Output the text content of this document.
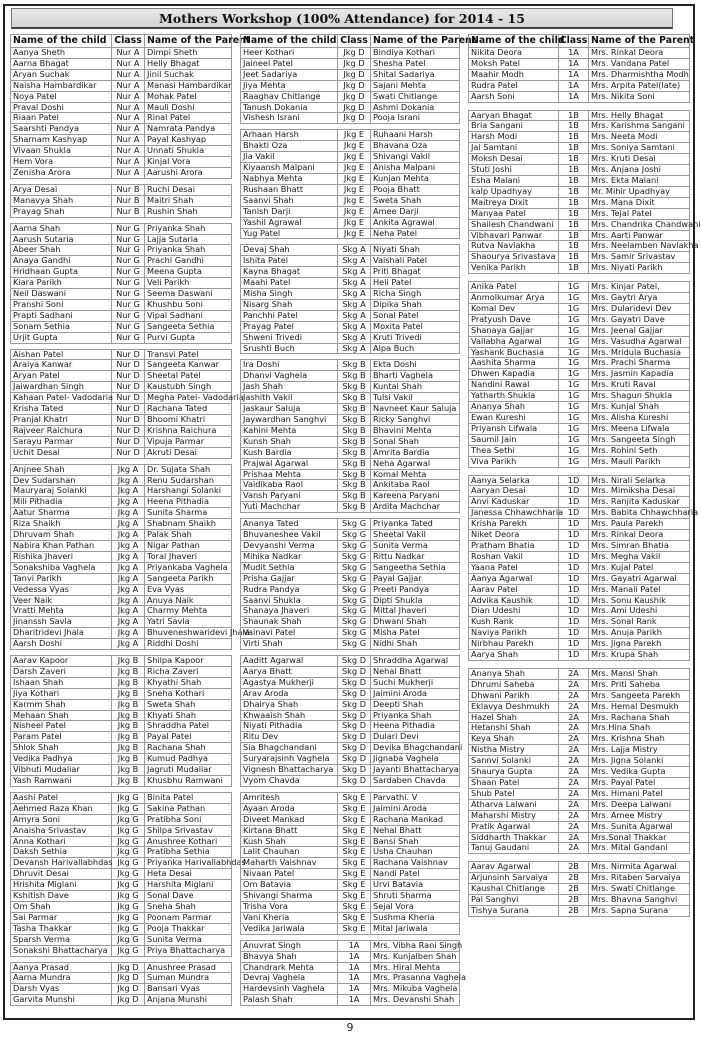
Mothers Workshop (100% Attendance) for 2014 - 15
Name of the child	Class	Name of the Parent

Aanya Sheth	Nur A	Dimpi Sheth

Aarna Bhagat	Nur A	Helly Bhagat

Aryan Suchak	Nur A	Jinil Suchak

Naisha Hambardikar	Nur A	Manasi Hambardikar

Noya Patel	Nur A	Mohak Patel

Praval Doshi	Nur A	Mauli Doshi

Riaan Patel	Nur A	Rinal Patel

Saarshti Pandya	Nur A	Namrata Pandya

Sharnam Kashyap	Nur A	Payal Kashyap

Vivaan Shukla	Nur A	Unnati Shukla

Hem Vora	Nur A	Kinjal Vora

Zenisha Arora	Nur A	Aarushi Arora
Arya Desai	Nur B	Ruchi Desai

Manavya Shah	Nur B	Maitri Shah

Prayag Shah	Nur B	Rushin Shah
Aarna Shah	Nur G	Priyanka Shah

Aarush Sutaria	Nur G	Lajja Sutaria

Abeer Shah	Nur G	Priyanka Shah

Anaya Gandhi	Nur G	Prachi Gandhi

Hridhaan Gupta	Nur G	Meena Gupta

Kiara Parikh	Nur G	Veli Parikh

Neil Daswani	Nur G	Seema Daswani

Pranshi Soni	Nur G	Khushbu Soni

Prapti Sadhani	Nur G	Vipal Sadhani

Sonam Sethia	Nur G	Sangeeta Sethia

Urjit Gupta	Nur G	Purvi Gupta
Aishan Patel	Nur D	Transvi Patel

Araiya Kanwar	Nur D	Sangeeta Kanwar

Aryan Patel	Nur D	Sheetal Patel

Jaiwardhan Singh	Nur D	Kaustubh Singh

Kahaan Patel- Vadodaria	Nur D	Megha Patel- Vadodaria

Krisha Tated	Nur D	Rachana Tated

Pranjal Khatri	Nur D	Bhoomi Khatri

Rajveer Raichura	Nur D	Krishna Raichura

Sarayu Parmar	Nur D	Vipuja Parmar

Uchit Desai	Nur D	Akruti Desai
Anjnee Shah	Jkg A	Dr. Sujata Shah

Dev Sudarshan	Jkg A	Renu Sudarshan

Mauryaraj Solanki	Jkg A	Harshangi Solanki

Mili Pithadia	Jkg A	Heena Pithadia

Aatur Sharma	Jkg A	Sunita Sharma

Riza Shaikh	Jkg A	Shabnam Shaikh

Dhruvam Shah	Jkg A	Palak Shah

Nabira Khan Pathan	Jkg A	Nigar Pathan

Rishika Jhaveri	Jkg A	Toral Jhaveri

Sonakshiba Vaghela	Jkg A	Priyankaba Vaghela

Tanvi Parikh	Jkg A	Sangeeta Parikh

Vedessa Vyas	Jkg A	Eva Vyas

Veer Naik	Jkg A	Anuya Naik

Vratti Mehta	Jkg A	Charmy Mehta

Jinanssh Savla	Jkg A	Yatri Savla

Dharitridevi Jhala	Jkg A	Bhuveneshwaridevi Jhala

Aarsh Doshi	Jkg A	Riddhi Doshi
Aarav Kapoor	Jkg B	Shilpa Kapoor

Darsh Zaveri	Jkg B	Richa Zaveri

Ishaan Shah	Jkg B	Khyathi Shah

Jiya Kothari	Jkg B	Sneha Kothari

Karmm Shah	Jkg B	Sweta Shah

Mehaan Shah	Jkg B	Khyati Shah

Nisheel Patel	Jkg B	Shraddha Patel

Param Patel	Jkg B	Payal Patel

Shlok Shah	Jkg B	Rachana Shah

Vedika Padhya	Jkg B	Kumud Padhya

Vibhuti Mudaliar	Jkg B	Jagruti Mudaliar

Yash Ramwani	Jkg B	Khusbhu Ramwani
Aashi Patel	Jkg G	Binita Patel

Aehmed Raza Khan	Jkg G	Sakina Pathan

Amyra Soni	Jkg G	Pratibha Soni

Anaisha Srivastav	Jkg G	Shilpa Srivastav

Anna Kothari	Jkg G	Anushree Kothari

Daksh Sethia	Jkg G	Pratibha Sethia

Devansh Harivallabhdas	Jkg G	Priyanka Harivallabhdas

Dhruvit Desai	Jkg G	Heta Desai

Hrishita Miglani	Jkg G	Harshita Miglani

Kshitish Dave	Jkg G	Sonal Dave

Om Shah	Jkg G	Sneha Shah

Sai Parmar	Jkg G	Poonam Parmar

Tasha Thakkar	Jkg G	Pooja Thakkar

Sparsh Verma	Jkg G	Sunita Verma

Sonakshi Bhattacharya	Jkg G	Priya Bhattacharya
Aanya Prasad	Jkg D	Anushree Prasad

Aarna Mundra	Jkg D	Suman Mundra

Darsh Vyas	Jkg D	Bansari Vyas

Garvita Munshi	Jkg D	Anjana Munshi
Name of the child	Class	Name of the Parent

Heer Kothari	Jkg D	Bindiya Kothari

Jaineel Patel	Jkg D	Shesha Patel

Jeet Sadariya	Jkg D	Shital Sadariya

Jiya Mehta	Jkg D	Sajani Mehta

Raaghav Chitlange	Jkg D	Swati Chitlange

Tanush Dokania	Jkg D	Ashmi Dokania

Vishesh Israni	Jkg D	Pooja Israni
Arhaan Harsh	Jkg E	Ruhaani Harsh

Bhakti Oza	Jkg E	Bhavana Oza

Jia Vakil	Jkg E	Shivangi Vakil

Kiyaansh Malpani	Jkg E	Anisha Malpani

Nabhya Mehta	Jkg E	Kunjan Mehta

Rushaan Bhatt	Jkg E	Pooja Bhatt

Saanvi Shah	Jkg E	Sweta Shah

Tanish Darji	Jkg E	Amee Darji

Yashil Agrawal	Jkg E	Ankita Agrawal

Yug Patel	Jkg E	Neha Patel
Devaj Shah	Skg A	Niyati Shah

Ishita Patel	Skg A	Vaishali Patel

Kayna Bhagat	Skg A	Priti Bhagat

Maahi Patel	Skg A	Heli Patel

Misha Singh	Skg A	Richa Singh

Nisarg Shah	Skg A	Dipika Shah

Panchhi Patel	Skg A	Sonal Patel

Prayag Patel	Skg A	Moxita Patel

Shweni Trivedi	Skg A	Kruti Trivedi

Srushti Buch	Skg A	Alpa Buch
Ira Doshi	Skg B	Ekta Doshi

Dhanvi Vaghela	Skg B	Bharti Vaghela

Jash Shah	Skg B	Kuntal Shah

Jashith Vakil	Skg B	Tulsi Vakil

Jaskaur Saluja	Skg B	Navneet Kaur Saluja

Jaywardhan Sanghvi	Skg B	Ricky Sanghvi

Kahini Mehta	Skg B	Bhavini Mehta

Kunsh Shah	Skg B	Sonal Shah

Kush Bardia	Skg B	Amrita Bardia

Prajwal Agarwal	Skg B	Neha Agarwal

Prishaa Mehta	Skg B	Komal Mehta

Vaidikaba Raol	Skg B	Ankitaba Raol

Vansh Paryani	Skg B	Kareena Paryani

Yuti Machchar	Skg B	Ardita Machchar
Ananya Tated	Skg G	Priyanka Tated

Bhuvaneshee Vakil	Skg G	Sheetal Vakil

Devyanshi Verma	Skg G	Sunita Verma

Mihika Nadkar	Skg G	Rittu Nadkar

Mudit Sethia	Skg G	Sangeetha Sethia

Prisha Gajjar	Skg G	Payal Gajjar

Rudra Pandya	Skg G	Preeti Pandya

Saanvi Shukla	Skg G	Dipti Shukla

Shanaya Jhaveri	Skg G	Mittal Jhaveri

Shaunak Shah	Skg G	Dhwani Shah

Vainavi Patel	Skg G	Misha Patel

Virti Shah	Skg G	Nidhi Shah
Aaditt Agarwal	Skg D	Shraddha Agarwal

Aarya Bhatt	Skg D	Nehal Bhatt

Agastya Mukherji	Skg D	Suchi Mukherji

Arav Aroda	Skg D	Jaimini Aroda

Dhairya Shah	Skg D	Deepti Shah

Khwaaish Shah	Skg D	Priyanka Shah

Niyati Pithadia	Skg D	Heena Pithadia

Ritu Dev	Skg D	Dulari Devi

Sia Bhagchandani	Skg D	Devika Bhagchandani

Suryarajsinh Vaghela	Skg D	Jignaba Vaghela

Vignesh Bhattacharya	Skg D	Jayanti Bhattacharya

Vyom Chavda	Skg D	Sardaben Chavda
Amritesh	Skg E	Parvathi. V

Ayaan Aroda	Skg E	Jaimini Aroda

Diveet Mankad	Skg E	Rachana Mankad

Kirtana Bhatt	Skg E	Nehal Bhatt

Kush Shah	Skg E	Bansi Shah

Lalit Chauhan	Skg E	Usha Chauhan

Maharth Vaishnav	Skg E	Rachana Vaishnav

Nivaan Patel	Skg E	Nandi Patel

Om Batavia	Skg E	Urvi Batavia

Shivangi Sharma	Skg E	Shruti Sharma

Trisha Vora	Skg E	Sejal Vora

Vani Kheria	Skg E	Sushma Kheria

Vedika Jariwala	Skg E	Mital Jariwala
Anuvrat Singh	1A	Mrs. Vibha Rani Singh

Bhavya Shah	1A	Mrs. Kunjalben Shah

Chandrark Mehta	1A	Mrs. Hiral Mehta

Devraj Vaghela	1A	Mrs. Prasanna Vaghela

Hardevsinh Vaghela	1A	Mrs. Mikuba Vaghela

Palash Shah	1A	Mrs. Devanshi Shah
Name of the child	Class	Name of the Parent

Nikita Deora	1A	Mrs. Rinkal Deora

Moksh Patel	1A	Mrs. Vandana Patel

Maahir Modh	1A	Mrs. Dharmishtha Modh

Rudra Patel	1A	Mrs. Arpita Patel(late)

Aarsh Soni	1A	Mrs. Nikita Soni
Aaryan Bhagat	1B	Mrs. Helly Bhagat

Bria Sangani	1B	Mrs. Karishma Sangani

Harsh Modi	1B	Mrs. Neeta Modi

Jai Samtani	1B	Mrs. Soniya Samtani

Moksh Desai	1B	Mrs. Kruti Desai

Stuti Joshi	1B	Mrs. Anjana Joshi

Esha Malani	1B	Mrs. Ekta Malani

kalp Upadhyay	1B	Mr. Mihir Upadhyay

Maitreya Dixit	1B	Mrs. Mana Dixit

Manyaa Patel	1B	Mrs. Tejal Patel

Shailesh Chandwani	1B	Mrs. Chandrika Chandwani

Vibhavari Panwar	1B	Mrs. Aarti Panwar

Rutva Navlakha	1B	Mrs. Neelamben Navlakha

Shaourya Srivastava	1B	Mrs. Samir Srivastav

Venika Parikh	1B	Mrs. Niyati Parikh
Anika Patel	1G	Mrs. Kinjar Patel,

Anmolkumar Arya	1G	Mrs. Gaytri Arya

Komal Dev	1G	Mrs. Dularidevi Dev

Pratyush Dave	1G	Mrs. Gayatri Dave

Shanaya Gajjar	1G	Mrs. Jeenal Gajjar

Vallabha Agarwal	1G	Mrs. Vasudha Agarwal

Yashank Buchasia	1G	Mrs. Mridula Buchasia

Aashita Sharma	1G	Mrs. Prachi Sharma

Dhwen Kapadia	1G	Mrs. Jasmin Kapadia

Nandini Rawal	1G	Mrs. Kruti Raval

Yatharth Shukla	1G	Mrs. Shagun Shukla

Ananya Shah	1G	Mrs. Kunjal Shah

Ewan Kureshi	1G	Mrs. Alisha Kureshi

Priyansh Lifwala	1G	Mrs. Meena Lifwala

Saumil Jain	1G	Mrs. Sangeeta Singh

Thea Sethi	1G	Mrs. Rohini Seth

Viva Parikh	1G	Mrs. Mauli Parikh
Aanya Selarka	1D	Mrs. Nirali Selarka

Aaryan Desai	1D	Mrs. Mimiksha Desai

Anvi Kaduskar	1D	Mrs. Ranjita Kaduskar

Janessa Chhawchharia	1D	Mrs. Babita Chhawchharia

Krisha Parekh	1D	Mrs. Paula Parekh

Niket Deora	1D	Mrs. Rinkal Deora

Pratham Bhatia	1D	Mrs. Simran Bhatia

Roshan Vakil	1D	Mrs. Megha Vakil

Yaana Patel	1D	Mrs. Kujal Patel

Aanya Agarwal	1D	Mrs. Gayatri Agarwal

Aarav Patel	1D	Mrs. Manali Patel

Advika Kaushik	1D	Mrs. Sonu Kaushik

Dian Udeshi	1D	Mrs. Ami Udeshi

Kush Rank	1D	Mrs. Sonal Rank

Naviya Parikh	1D	Mrs. Anuja Parikh

Nirbhau Parekh	1D	Mrs. Jigna Parekh

Aarya Shah	1D	Mrs. Krupa Shah
Ananya Shah	2A	Mrs. Mansi Shah

Dhrumi Saheba	2A	Mrs. Priti Saheba

Dhwani Parikh	2A	Mrs. Sangeeta Parekh

Eklavya Deshmukh	2A	Mrs. Hemal Desmukh

Hazel Shah	2A	Mrs. Rachana Shah

Hetanshi Shah	2A	Mrs.Hina Shah

Keya Shah	2A	Mrs. Krishna Shah

Nistha Mistry	2A	Mrs. Lajja Mistry

Sannvi Solanki	2A	Mrs. Jigna Solanki

Shaurya Gupta	2A	Mrs. Vedika Gupta

Shaan Patel	2A	Mrs. Payal Patel

Shub Patel	2A	Mrs. Himani Patel

Atharva Lalwani	2A	Mrs. Deepa Lalwani

Maharshi Mistry	2A	Mrs. Amee Mistry

Pratik Agarwal	2A	Mrs. Sunita Agarwal

Siddharth Thakkar	2A	Mrs.Sonal Thakkar

Tanuj Gaudani	2A	Mrs. Mital Gandani
Aarav Agarwal	2B	Mrs. Nirmita Agarwal

Arjunsinh Sarvaiya	2B	Mrs. Ritaben Sarvaiya

Kaushal Chitlange	2B	Mrs. Swati Chitlange

Pal Sanghvi	2B	Mrs. Bhavna Sanghvi

Tishya Surana	2B	Mrs. Sapna Surana
9
